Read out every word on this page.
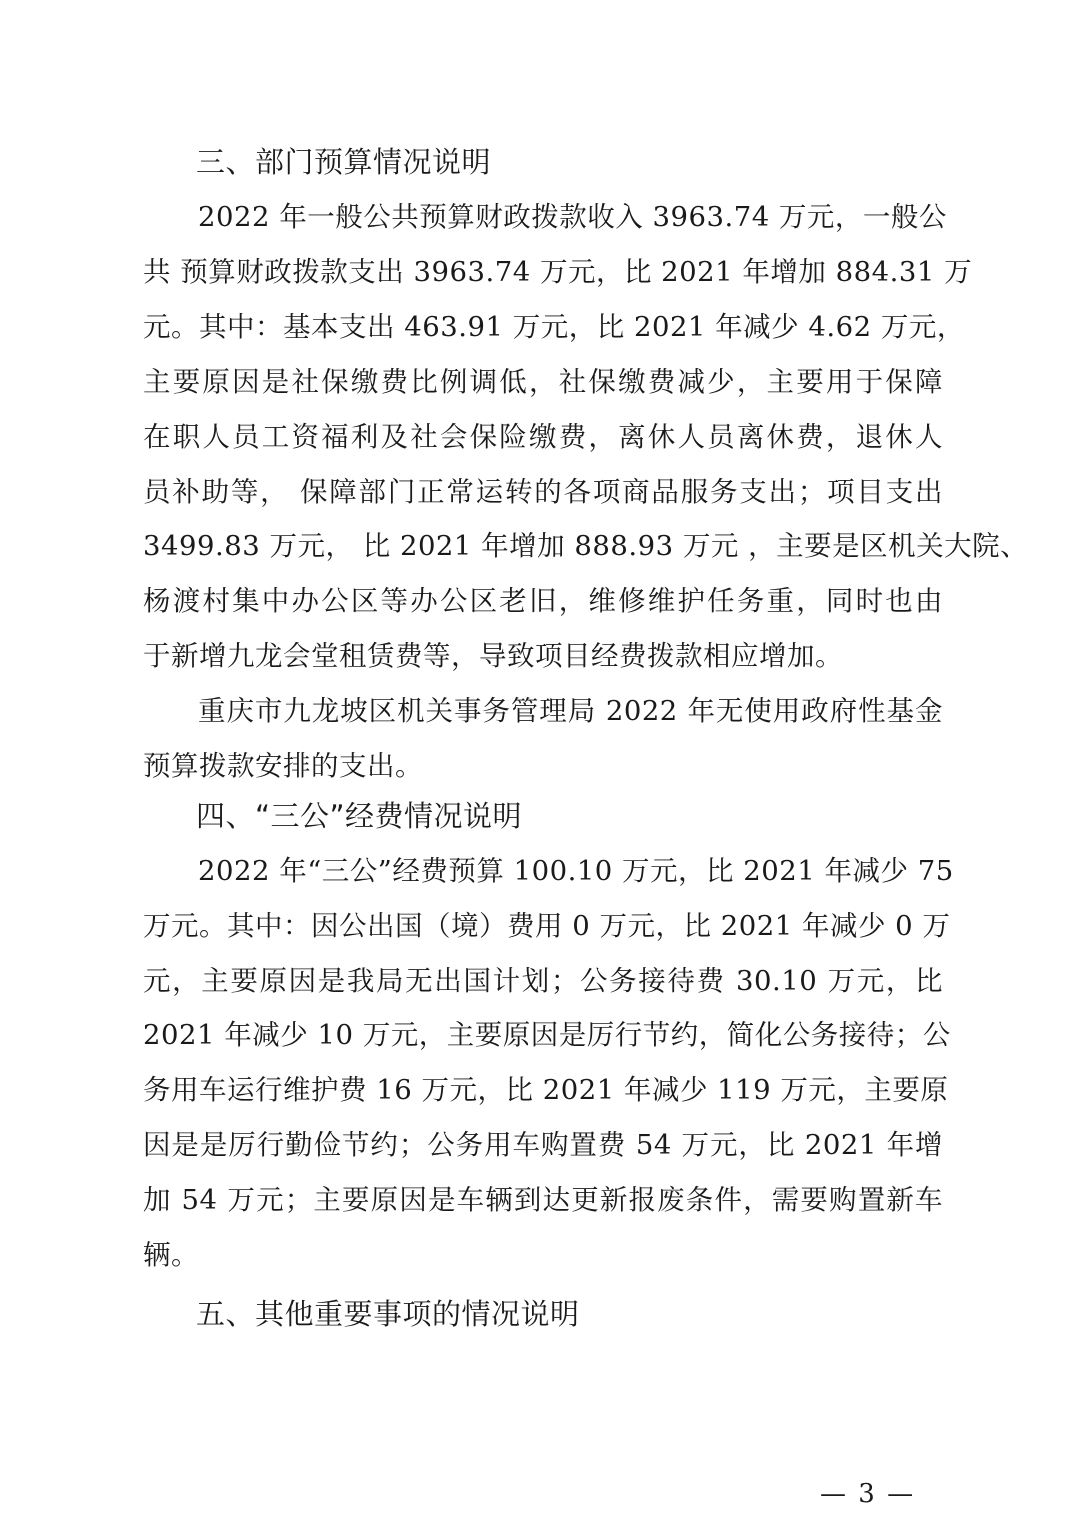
三、部门预算情况说明
2022 年一般公共预算财政拨款收入 3963.74 万元，一般公
共 预算财政拨款支出 3963.74 万元，比 2021 年增加 884.31 万
元。其中：基本支出 463.91 万元，比 2021 年减少 4.62 万元，
主要原因是社保缴费比例调低，社保缴费减少，主要用于保障
在职人员工资福利及社会保险缴费，离休人员离休费，退休人
员补助等， 保障部门正常运转的各项商品服务支出；项目支出
3499.83 万元， 比 2021 年增加 888.93 万元 ，主要是区机关大院、
杨渡村集中办公区等办公区老旧，维修维护任务重，同时也由
于新增九龙会堂租赁费等，导致项目经费拨款相应增加。
重庆市九龙坡区机关事务管理局 2022 年无使用政府性基金
预算拨款安排的支出。
四、“三公”经费情况说明
2022 年“三公”经费预算 100.10 万元，比 2021 年减少 75
万元。其中：因公出国（境）费用 0 万元，比 2021 年减少 0 万
元，主要原因是我局无出国计划；公务接待费 30.10 万元，比
2021 年减少 10 万元，主要原因是厉行节约，简化公务接待；公
务用车运行维护费 16 万元，比 2021 年减少 119 万元，主要原
因是是厉行勤俭节约；公务用车购置费 54 万元，比 2021 年增
加 54 万元；主要原因是车辆到达更新报废条件，需要购置新车
辆。
五、其他重要事项的情况说明
— 3 —
